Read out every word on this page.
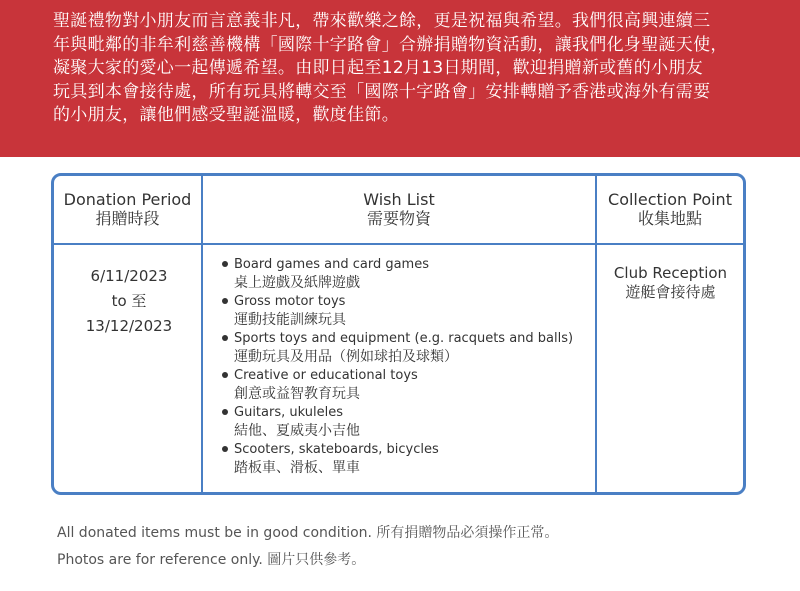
聖誕禮物對小朋友而言意義非凡，帶來歡樂之餘，更是祝福與希望。我們很高興連續三
年與毗鄰的非牟利慈善機構「國際十字路會」合辦捐贈物資活動，讓我們化身聖誕天使，
凝聚大家的愛心一起傳遞希望。由即日起至12月13日期間，歡迎捐贈新或舊的小朋友
玩具到本會接待處，所有玩具將轉交至「國際十字路會」安排轉贈予香港或海外有需要
的小朋友，讓他們感受聖誕溫暖，歡度佳節。
Donation Period
捐贈時段
Wish List
需要物資
Collection Point
收集地點
6/11/2023
to 至
13/12/2023
Board games and card games
桌上遊戲及紙牌遊戲
Gross motor toys
運動技能訓練玩具
Sports toys and equipment (e.g. racquets and balls)
運動玩具及用品（例如球拍及球類）
Creative or educational toys
創意或益智教育玩具
Guitars, ukuleles
結他、夏威夷小吉他
Scooters, skateboards, bicycles
踏板車、滑板、單車
Club Reception
遊艇會接待處
All donated items must be in good condition. 所有捐贈物品必須操作正常。
Photos are for reference only. 圖片只供參考。
